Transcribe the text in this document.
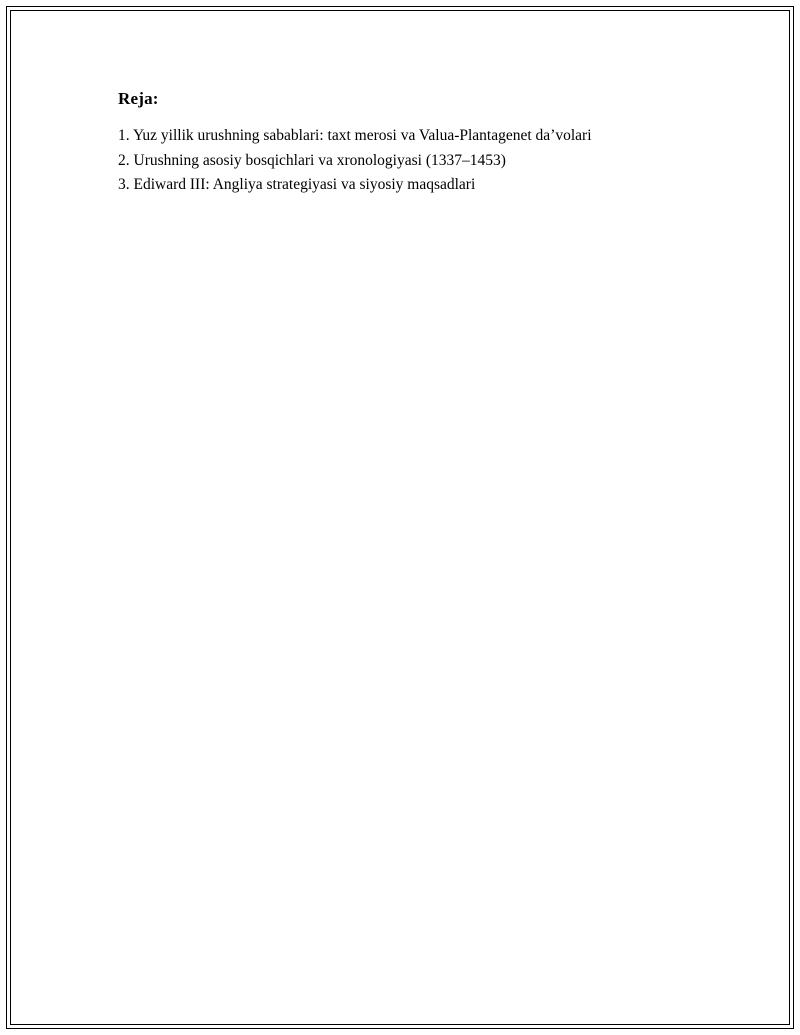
Reja:
1. Yuz yillik urushning sabablari: taxt merosi va Valua-Plantagenet da’volari
2. Urushning asosiy bosqichlari va xronologiyasi (1337–1453)
3. Ediward III: Angliya strategiyasi va siyosiy maqsadlari
